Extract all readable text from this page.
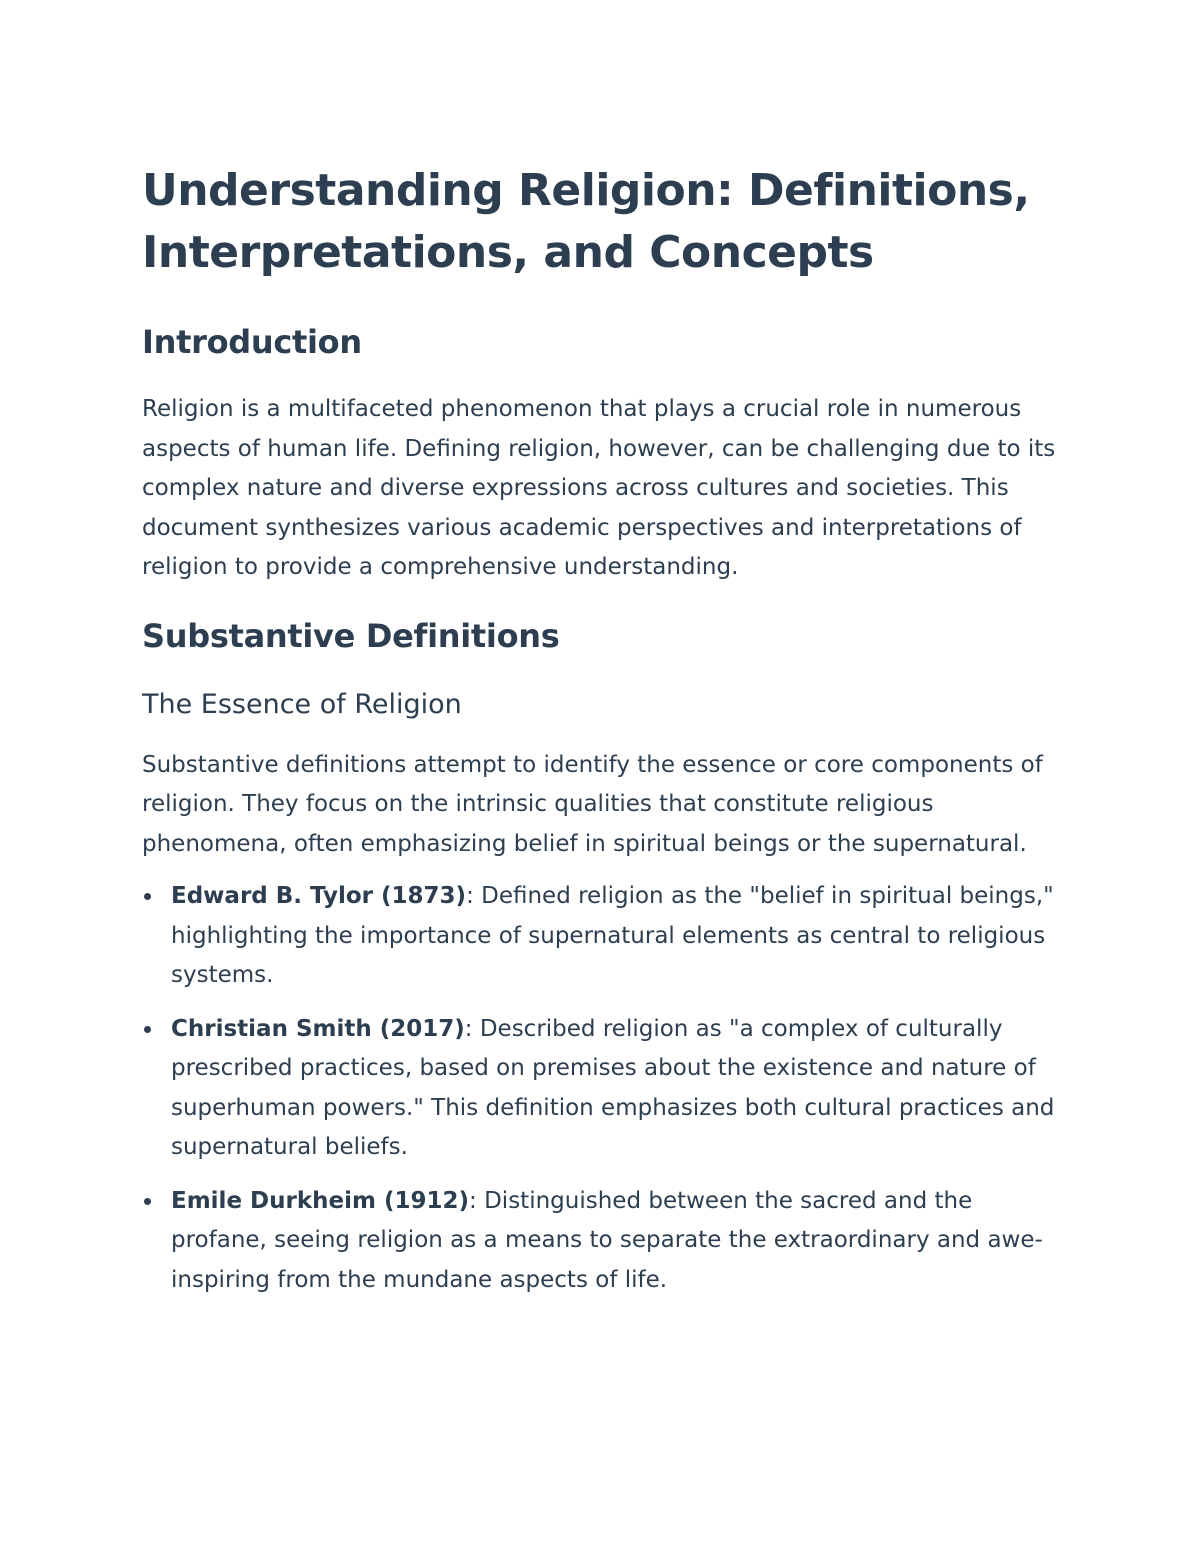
Understanding Religion: Definitions, Interpretations, and Concepts
Introduction

Religion is a multifaceted phenomenon that plays a crucial role in numerous aspects of human life. Defining religion, however, can be challenging due to its complex nature and diverse expressions across cultures and societies. This document synthesizes various academic perspectives and interpretations of religion to provide a comprehensive understanding.

Substantive Definitions
The Essence of Religion

Substantive definitions attempt to identify the essence or core components of religion. They focus on the intrinsic qualities that constitute religious phenomena, often emphasizing belief in spiritual beings or the supernatural.

Edward B. Tylor (1873): Defined religion as the "belief in spiritual beings," highlighting the importance of supernatural elements as central to religious systems.
Christian Smith (2017): Described religion as "a complex of culturally prescribed practices, based on premises about the existence and nature of superhuman powers." This definition emphasizes both cultural practices and supernatural beliefs.
Emile Durkheim (1912): Distinguished between the sacred and the profane, seeing religion as a means to separate the extraordinary and awe-inspiring from the mundane aspects of life.
